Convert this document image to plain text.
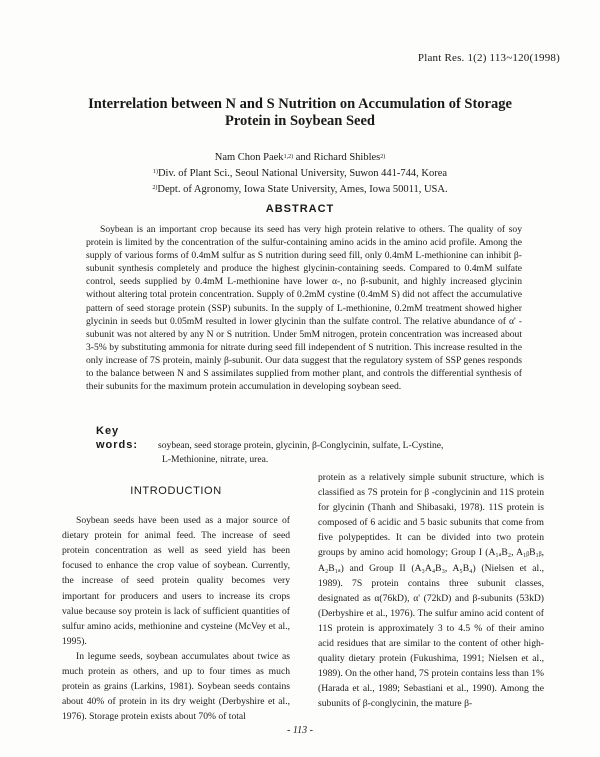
Plant Res. 1(2) 113~120(1998)
Interrelation between N and S Nutrition on Accumulation of Storage
Protein in Soybean Seed
Nam Chon Paek$^{1,2)}$ and Richard Shibles$^{2)}$
$^{1)}$Div. of Plant Sci., Seoul National University, Suwon 441-744, Korea
$^{2)}$Dept. of Agronomy, Iowa State University, Ames, Iowa 50011, USA.
ABSTRACT

Soybean is an important crop because its seed has very high protein relative to others. The quality of soy protein is limited by the concentration of the sulfur-containing amino acids in the amino acid profile. Among the supply of various forms of 0.4mM sulfur as S nutrition during seed fill, only 0.4mM L-methionine can inhibit β-subunit synthesis completely and produce the highest glycinin-containing seeds. Compared to 0.4mM sulfate control, seeds supplied by 0.4mM L-methionine have lower α-, no β-subunit, and highly increased glycinin without altering total protein concentration. Supply of 0.2mM cystine (0.4mM S) did not affect the accumulative pattern of seed storage protein (SSP) subunits. In the supply of L-methionine, 0.2mM treatment showed higher glycinin in seeds but 0.05mM resulted in lower glycinin than the sulfate control. The relative abundance of α' -subunit was not altered by any N or S nutrition. Under 5mM nitrogen, protein concentration was increased about 3-5% by substituting ammonia for nitrate during seed fill independent of S nutrition. This increase resulted in the only increase of 7S protein, mainly β-subunit. Our data suggest that the regulatory system of SSP genes responds to the balance between N and S assimilates supplied from mother plant, and controls the differential synthesis of their subunits for the maximum protein accumulation in developing soybean seed.

Key words: soybean, seed storage protein, glycinin, β-Conglycinin, sulfate, L-Cystine,
L-Methionine, nitrate, urea.
INTRODUCTION

Soybean seeds have been used as a major source of dietary protein for animal feed. The increase of seed protein concentration as well as seed yield has been focused to enhance the crop value of soybean. Currently, the increase of seed protein quality becomes very important for producers and users to increase its crops value because soy protein is lack of sufficient quantities of sulfur amino acids, methionine and cysteine (McVey et al., 1995).

In legume seeds, soybean accumulates about twice as much protein as others, and up to four times as much protein as grains (Larkins, 1981). Soybean seeds contains about 40% of protein in its dry weight (Derbyshire et al., 1976). Storage protein exists about 70% of total

protein as a relatively simple subunit structure, which is classified as 7S protein for β -conglycinin and 11S protein for glycinin (Thanh and Shibasaki, 1978). 11S protein is composed of 6 acidic and 5 basic subunits that come from five polypeptides. It can be divided into two protein groups by amino acid homology; Group I (A₁ₐB₂, A₁ᵦB₁ᵦ, A₂B₁ₐ) and Group II (A₃A₄B₃, A₅B₄) (Nielsen et al., 1989). 7S protein contains three subunit classes, designated as α(76kD), α' (72kD) and β-subunits (53kD) (Derbyshire et al., 1976). The sulfur amino acid content of 11S protein is approximately 3 to 4.5 % of their amino acid residues that are similar to the content of other high-quality dietary protein (Fukushima, 1991; Nielsen et al., 1989). On the other hand, 7S protein contains less than 1% (Harada et al., 1989; Sebastiani et al., 1990). Among the subunits of β-conglycinin, the mature β-

- 113 -
